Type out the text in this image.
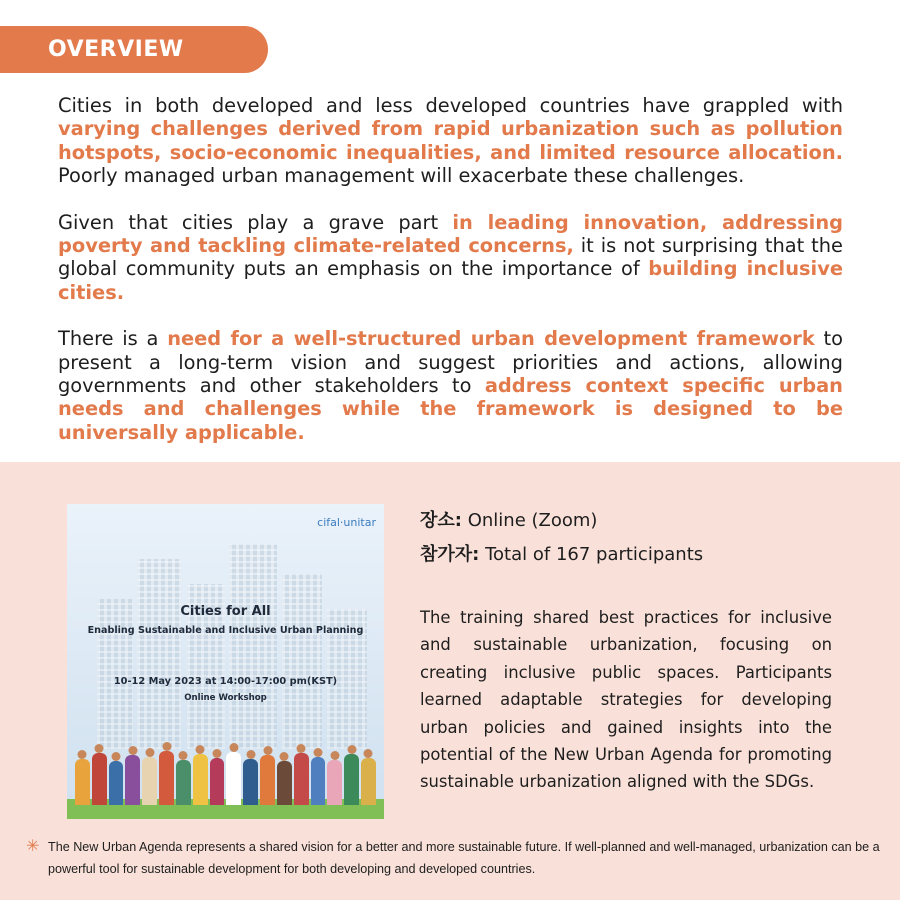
OVERVIEW

Cities in both developed and less developed countries have grappled with varying challenges derived from rapid urbanization such as pollution hotspots, socio-economic inequalities, and limited resource allocation. Poorly managed urban management will exacerbate these challenges.

Given that cities play a grave part in leading innovation, addressing poverty and tackling climate-related concerns, it is not surprising that the global community puts an emphasis on the importance of building inclusive cities.

There is a need for a well-structured urban development framework to present a long-term vision and suggest priorities and actions, allowing governments and other stakeholders to address context specific urban needs and challenges while the framework is designed to be universally applicable.

cifal·unitar
Cities for All
Enabling Sustainable and Inclusive Urban Planning
10-12 May 2023 at 14:00-17:00 pm(KST)
Online Workshop
장소: Online (Zoom)
참가자: Total of 167 participants
The training shared best practices for inclusive and sustainable urbanization, focusing on creating inclusive public spaces. Participants learned adaptable strategies for developing urban policies and gained insights into the potential of the New Urban Agenda for promoting sustainable urbanization aligned with the SDGs.
✳ The New Urban Agenda represents a shared vision for a better and more sustainable future. If well-planned and well-managed, urbanization can be a powerful tool for sustainable development for both developing and developed countries.
